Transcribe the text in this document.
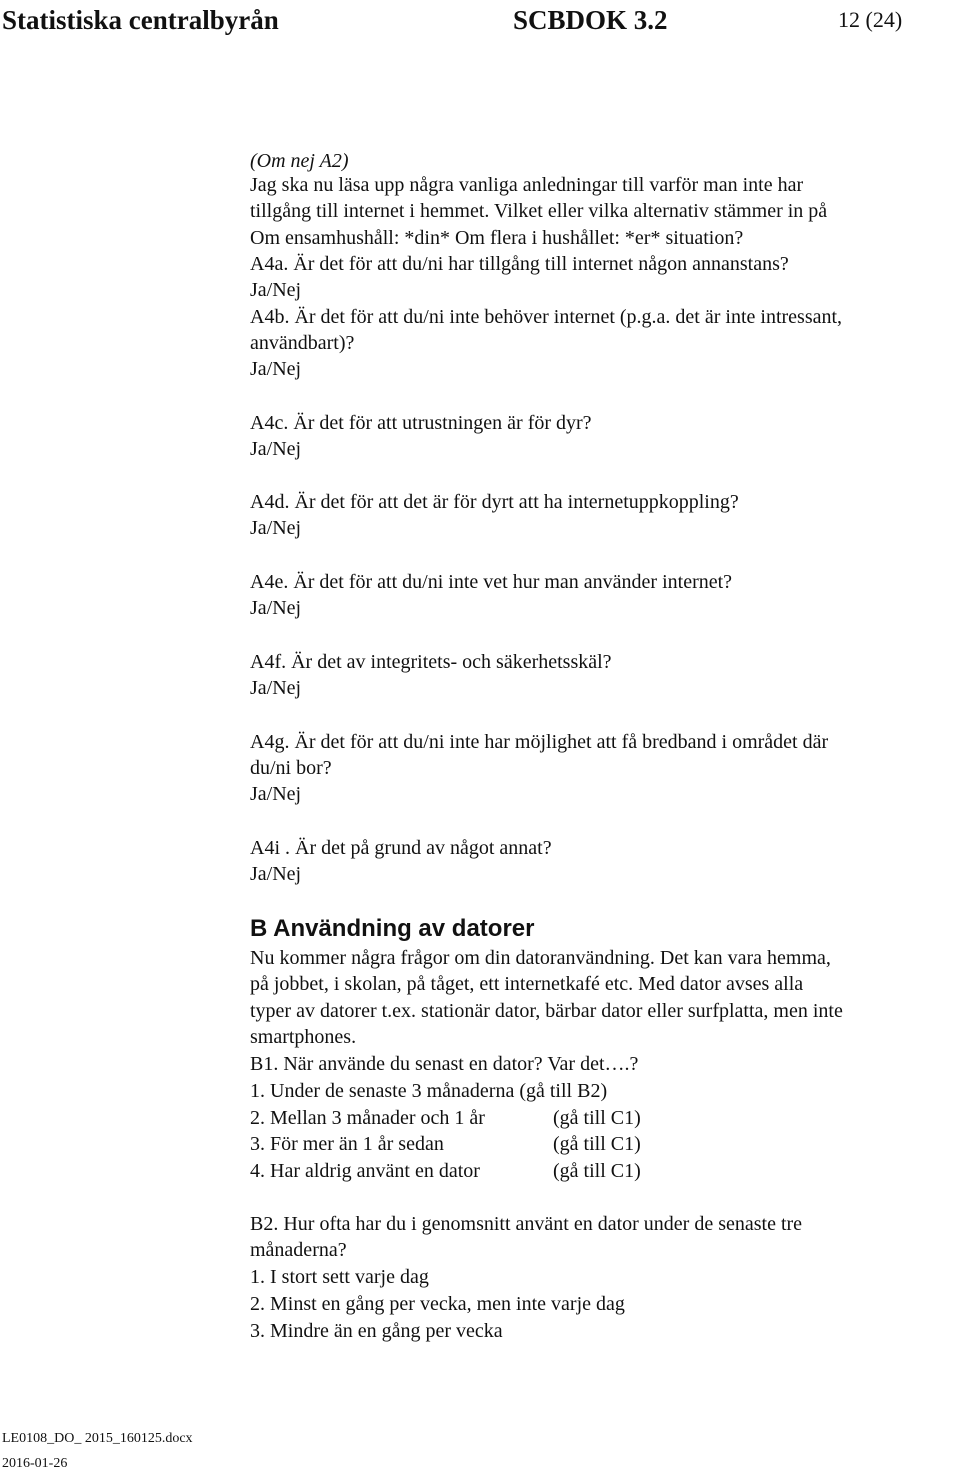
Statistiska centralbyrån	SCBDOK 3.2	12 (24)
(Om nej A2)
Jag ska nu läsa upp några vanliga anledningar till varför man inte har
tillgång till internet i hemmet. Vilket eller vilka alternativ stämmer in på
Om ensamhushåll: *din* Om flera i hushållet: *er* situation?
A4a. Är det för att du/ni har tillgång till internet någon annanstans?
Ja/Nej
A4b. Är det för att du/ni inte behöver internet (p.g.a. det är inte intressant,
användbart)?
Ja/Nej
A4c. Är det för att utrustningen är för dyr?
Ja/Nej
A4d. Är det för att det är för dyrt att ha internetuppkoppling?
Ja/Nej
A4e. Är det för att du/ni inte vet hur man använder internet?
Ja/Nej
A4f. Är det av integritets- och säkerhetsskäl?
Ja/Nej
A4g. Är det för att du/ni inte har möjlighet att få bredband i området där
du/ni bor?
Ja/Nej
A4i . Är det på grund av något annat?
Ja/Nej
B Användning av datorer
Nu kommer några frågor om din datoranvändning. Det kan vara hemma,
på jobbet, i skolan, på tåget, ett internetkafé etc. Med dator avses alla
typer av datorer t.ex. stationär dator, bärbar dator eller surfplatta, men inte
smartphones.
B1. När använde du senast en dator? Var det….?
1. Under de senaste 3 månaderna (gå till B2)
2. Mellan 3 månader och 1 år	(gå till C1)
3. För mer än 1 år sedan	(gå till C1)
4. Har aldrig använt en dator	(gå till C1)
B2. Hur ofta har du i genomsnitt använt en dator under de senaste tre
månaderna?
1. I stort sett varje dag
2. Minst en gång per vecka, men inte varje dag
3. Mindre än en gång per vecka
LE0108_DO_ 2015_160125.docx
2016-01-26
